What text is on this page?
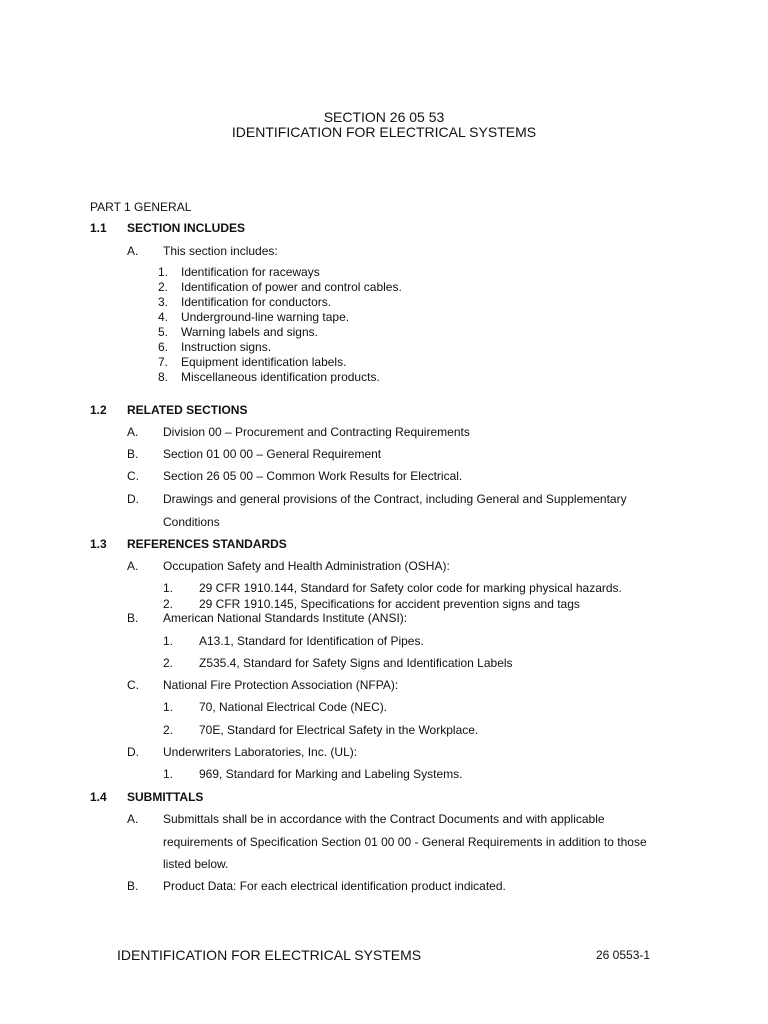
SECTION 26 05 53
IDENTIFICATION FOR ELECTRICAL SYSTEMS
PART 1 GENERAL
1.1 SECTION INCLUDES
A. This section includes:
1. Identification for raceways
2. Identification of power and control cables.
3. Identification for conductors.
4. Underground-line warning tape.
5. Warning labels and signs.
6. Instruction signs.
7. Equipment identification labels.
8. Miscellaneous identification products.
1.2 RELATED SECTIONS
A. Division 00 – Procurement and Contracting Requirements
B. Section 01 00 00 – General Requirement
C. Section 26 05 00 – Common Work Results for Electrical.
D. Drawings and general provisions of the Contract, including General and Supplementary
Conditions
1.3 REFERENCES STANDARDS
A. Occupation Safety and Health Administration (OSHA):
1. 29 CFR 1910.144, Standard for Safety color code for marking physical hazards.
2. 29 CFR 1910.145, Specifications for accident prevention signs and tags
B. American National Standards Institute (ANSI):
1. A13.1, Standard for Identification of Pipes.
2. Z535.4, Standard for Safety Signs and Identification Labels
C. National Fire Protection Association (NFPA):
1. 70, National Electrical Code (NEC).
2. 70E, Standard for Electrical Safety in the Workplace.
D. Underwriters Laboratories, Inc. (UL):
1. 969, Standard for Marking and Labeling Systems.
1.4 SUBMITTALS
A. Submittals shall be in accordance with the Contract Documents and with applicable
requirements of Specification Section 01 00 00 - General Requirements in addition to those
listed below.
B. Product Data: For each electrical identification product indicated.
IDENTIFICATION FOR ELECTRICAL SYSTEMS	26 0553-1
